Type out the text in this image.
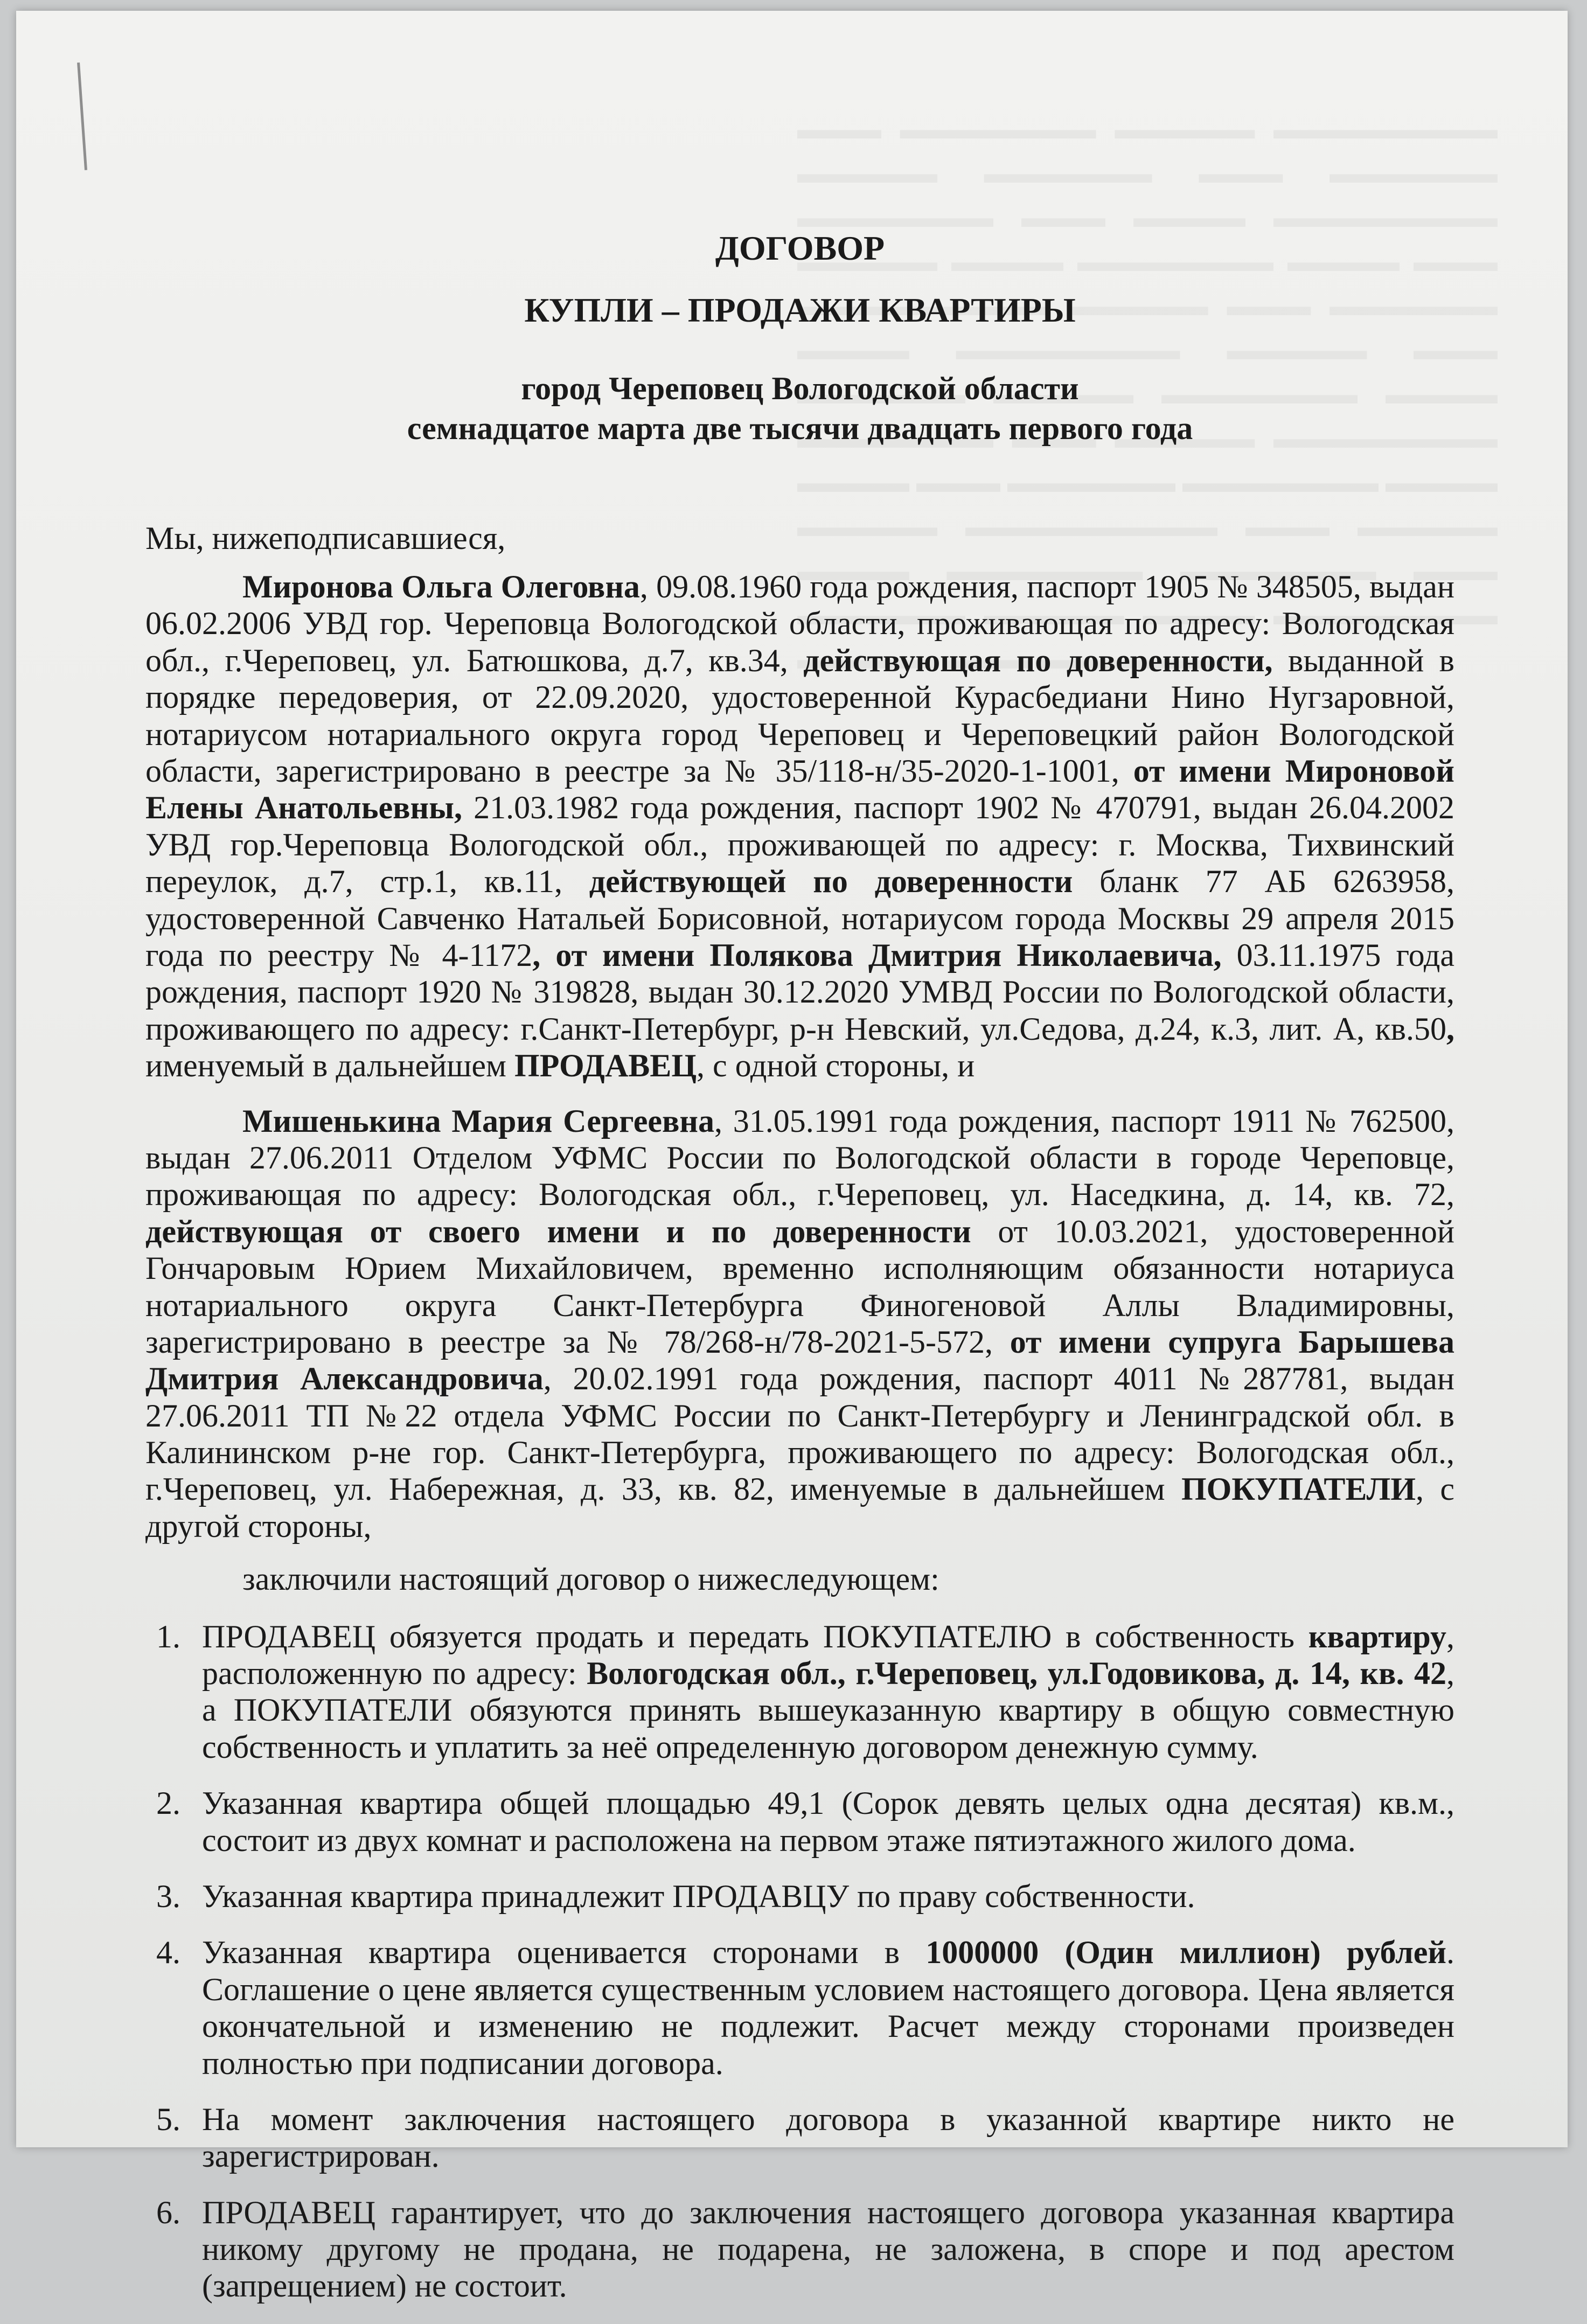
ДОГОВОР
КУПЛИ – ПРОДАЖИ КВАРТИРЫ
город Череповец Вологодской области
семнадцатое марта две тысячи двадцать первого года

Мы, нижеподписавшиеся,

Миронова Ольга Олеговна, 09.08.1960 года рождения, паспорт 1905 № 348505, выдан 06.02.2006 УВД гор. Череповца Вологодской области, проживающая по адресу: Вологодская обл., г.Череповец, ул. Батюшкова, д.7, кв.34, действующая по доверенности, выданной в порядке передоверия, от 22.09.2020, удостоверенной Курасбедиани Нино Нугзаровной, нотариусом нотариального округа город Череповец и Череповецкий район Вологодской области, зарегистрировано в реестре за № 35/118-н/35-2020-1-1001, от имени Мироновой Елены Анатольевны, 21.03.1982 года рождения, паспорт 1902 № 470791, выдан 26.04.2002 УВД гор.Череповца Вологодской обл., проживающей по адресу: г. Москва, Тихвинский переулок, д.7, стр.1, кв.11, действующей по доверенности бланк 77 АБ 6263958, удостоверенной Савченко Натальей Борисовной, нотариусом города Москвы 29 апреля 2015 года по реестру № 4-1172, от имени Полякова Дмитрия Николаевича, 03.11.1975 года рождения, паспорт 1920 № 319828, выдан 30.12.2020 УМВД России по Вологодской области, проживающего по адресу: г.Санкт-Петербург, р-н Невский, ул.Седова, д.24, к.3, лит. А, кв.50, именуемый в дальнейшем ПРОДАВЕЦ, с одной стороны, и

Мишенькина Мария Сергеевна, 31.05.1991 года рождения, паспорт 1911 № 762500, выдан 27.06.2011 Отделом УФМС России по Вологодской области в городе Череповце, проживающая по адресу: Вологодская обл., г.Череповец, ул. Наседкина, д. 14, кв. 72, действующая от своего имени и по доверенности от 10.03.2021, удостоверенной Гончаровым Юрием Михайловичем, временно исполняющим обязанности нотариуса нотариального округа Санкт-Петербурга Финогеновой Аллы Владимировны, зарегистрировано в реестре за № 78/268-н/78-2021-5-572, от имени супруга Барышева Дмитрия Александровича, 20.02.1991 года рождения, паспорт 4011 №287781, выдан 27.06.2011 ТП №22 отдела УФМС России по Санкт-Петербургу и Ленинградской обл. в Калининском р-не гор. Санкт-Петербурга, проживающего по адресу: Вологодская обл., г.Череповец, ул. Набережная, д. 33, кв. 82, именуемые в дальнейшем ПОКУПАТЕЛИ, с другой стороны,

заключили настоящий договор о нижеследующем:

1. ПРОДАВЕЦ обязуется продать и передать ПОКУПАТЕЛЮ в собственность квартиру, расположенную по адресу: Вологодская обл., г.Череповец, ул.Годовикова, д. 14, кв. 42, а ПОКУПАТЕЛИ обязуются принять вышеуказанную квартиру в общую совместную собственность и уплатить за неё определенную договором денежную сумму.
2. Указанная квартира общей площадью 49,1 (Сорок девять целых одна десятая) кв.м., состоит из двух комнат и расположена на первом этаже пятиэтажного жилого дома.
3. Указанная квартира принадлежит ПРОДАВЦУ по праву собственности.
4. Указанная квартира оценивается сторонами в 1000000 (Один миллион) рублей. Соглашение о цене является существенным условием настоящего договора. Цена является окончательной и изменению не подлежит. Расчет между сторонами произведен полностью при подписании договора.
5. На момент заключения настоящего договора в указанной квартире никто не зарегистрирован.
6. ПРОДАВЕЦ гарантирует, что до заключения настоящего договора указанная квартира никому другому не продана, не подарена, не заложена, в споре и под арестом (запрещением) не состоит.
